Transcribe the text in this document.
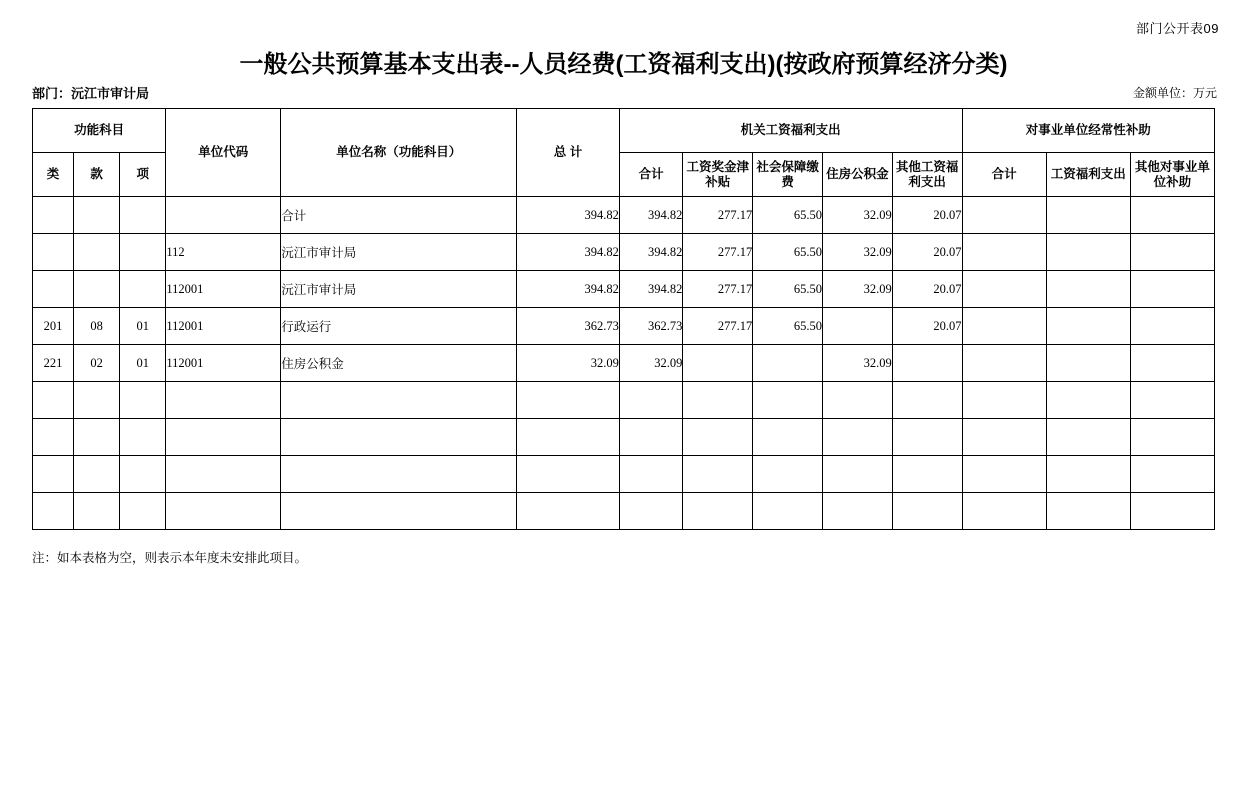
部门公开表09
一般公共预算基本支出表--人员经费(工资福利支出)(按政府预算经济分类)
部门：沅江市审计局	金额单位：万元
功能科目			单位代码	单位名称（功能科目）	总 计	机关工资福利支出					对事业单位经常性补助		
类	款	项				合计	工资奖金津补贴	社会保障缴费	住房公积金	其他工资福利支出	合计	工资福利支出	其他对事业单位补助
				合计	394.82	394.82	277.17	65.50	32.09	20.07			
			112	沅江市审计局	394.82	394.82	277.17	65.50	32.09	20.07			
			112001	沅江市审计局	394.82	394.82	277.17	65.50	32.09	20.07			
201	08	01	112001	行政运行	362.73	362.73	277.17	65.50		20.07			
221	02	01	112001	住房公积金	32.09	32.09			32.09				

注：如本表格为空，则表示本年度未安排此项目。
